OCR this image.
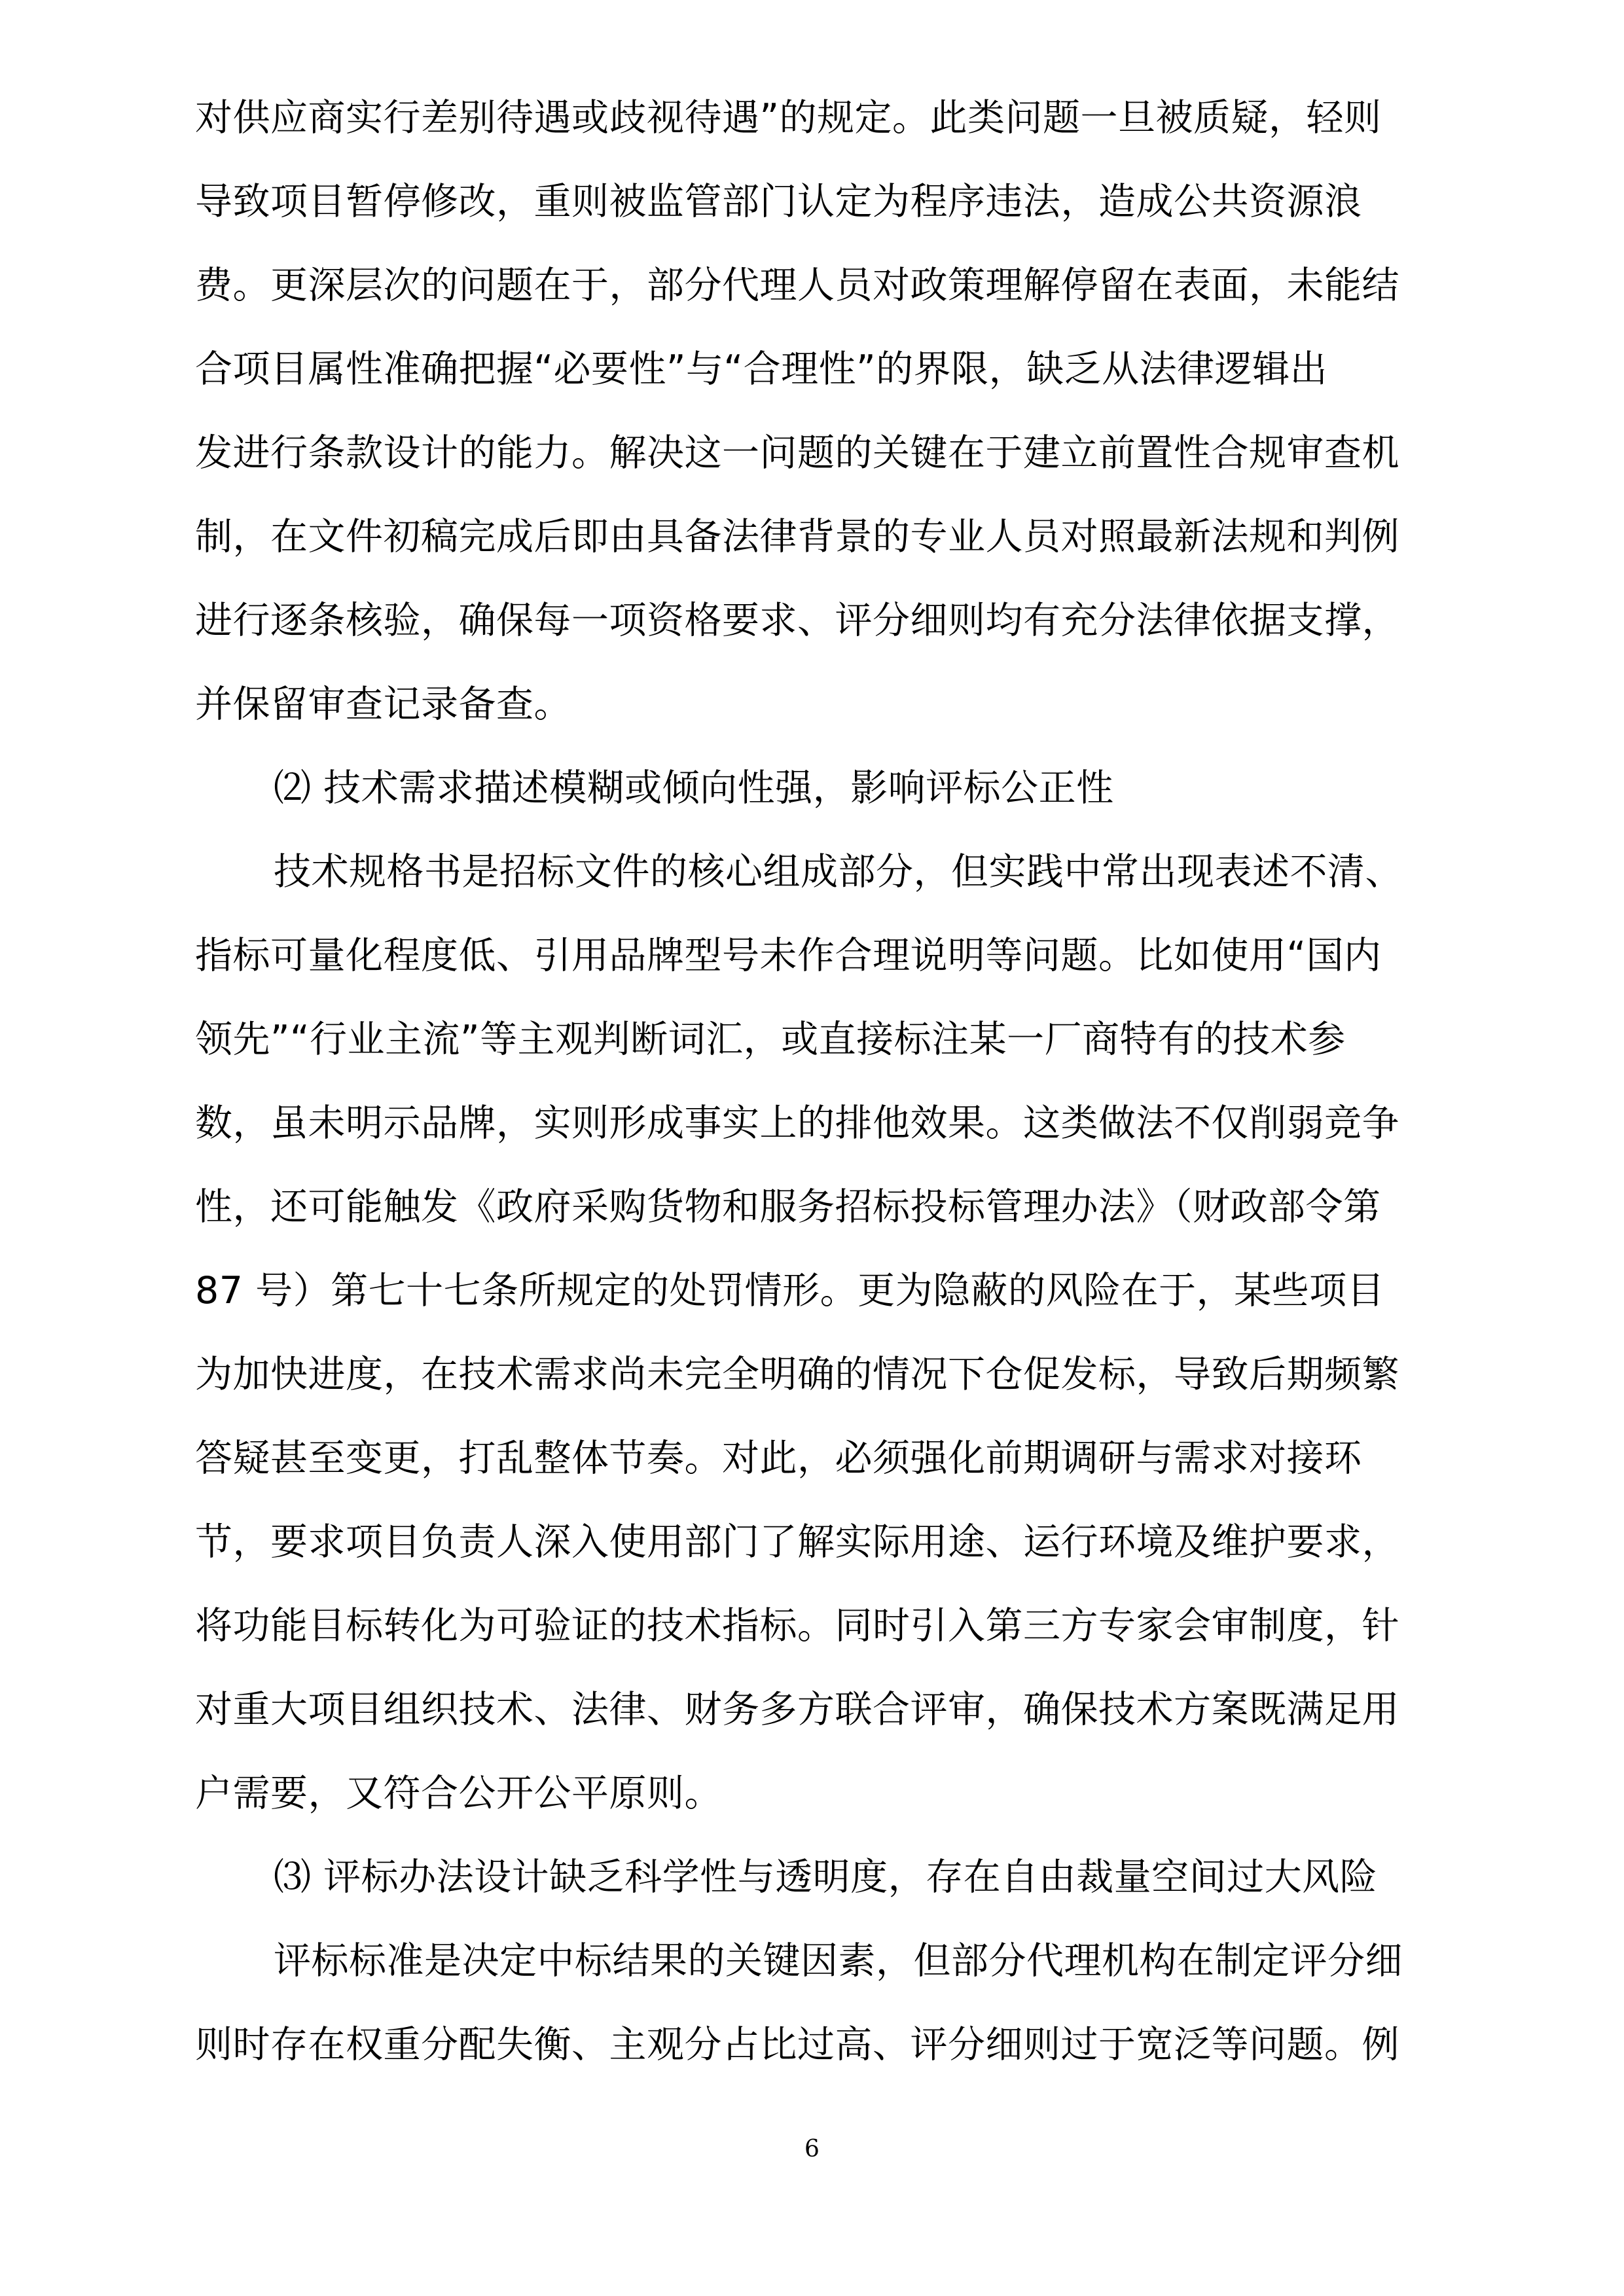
对供应商实行差别待遇或歧视待遇”的规定。此类问题一旦被质疑，轻则
导致项目暂停修改，重则被监管部门认定为程序违法，造成公共资源浪
费。更深层次的问题在于，部分代理人员对政策理解停留在表面，未能结
合项目属性准确把握“必要性”与“合理性”的界限，缺乏从法律逻辑出
发进行条款设计的能力。解决这一问题的关键在于建立前置性合规审查机
制，在文件初稿完成后即由具备法律背景的专业人员对照最新法规和判例
进行逐条核验，确保每一项资格要求、评分细则均有充分法律依据支撑，
并保留审查记录备查。
⑵ 技术需求描述模糊或倾向性强，影响评标公正性
技术规格书是招标文件的核心组成部分，但实践中常出现表述不清、
指标可量化程度低、引用品牌型号未作合理说明等问题。比如使用“国内
领先”“行业主流”等主观判断词汇，或直接标注某一厂商特有的技术参
数，虽未明示品牌，实则形成事实上的排他效果。这类做法不仅削弱竞争
性，还可能触发《政府采购货物和服务招标投标管理办法》（财政部令第
87 号）第七十七条所规定的处罚情形。更为隐蔽的风险在于，某些项目
为加快进度，在技术需求尚未完全明确的情况下仓促发标，导致后期频繁
答疑甚至变更，打乱整体节奏。对此，必须强化前期调研与需求对接环
节，要求项目负责人深入使用部门了解实际用途、运行环境及维护要求，
将功能目标转化为可验证的技术指标。同时引入第三方专家会审制度，针
对重大项目组织技术、法律、财务多方联合评审，确保技术方案既满足用
户需要，又符合公开公平原则。
⑶ 评标办法设计缺乏科学性与透明度，存在自由裁量空间过大风险
评标标准是决定中标结果的关键因素，但部分代理机构在制定评分细
则时存在权重分配失衡、主观分占比过高、评分细则过于宽泛等问题。例
6
